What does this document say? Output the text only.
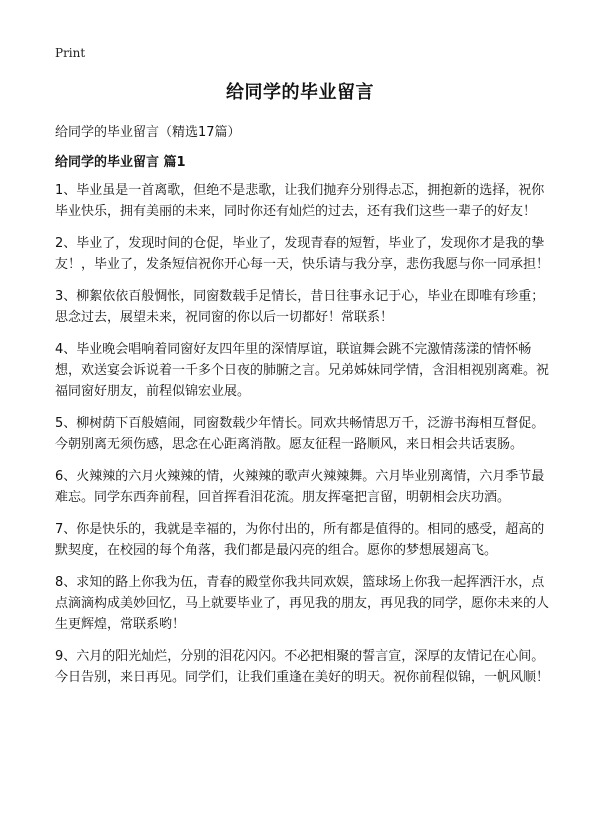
Print
给同学的毕业留言

给同学的毕业留言（精选17篇）

给同学的毕业留言 篇1

1、毕业虽是一首离歌，但绝不是悲歌，让我们抛弃分别得忐忑，拥抱新的选择，祝你毕业快乐，拥有美丽的未来，同时你还有灿烂的过去，还有我们这些一辈子的好友！

2、毕业了，发现时间的仓促，毕业了，发现青春的短暂，毕业了，发现你才是我的挚友！，毕业了，发条短信祝你开心每一天，快乐请与我分享，悲伤我愿与你一同承担！

3、柳絮依依百般惆怅，同窗数载手足情长，昔日往事永记于心，毕业在即唯有珍重；思念过去，展望未来，祝同窗的你以后一切都好！常联系！

4、毕业晚会唱响着同窗好友四年里的深情厚谊，联谊舞会跳不完激情荡漾的情怀畅想，欢送宴会诉说着一千多个日夜的肺腑之言。兄弟姊妹同学情，含泪相视别离难。祝福同窗好朋友，前程似锦宏业展。

5、柳树荫下百般嬉闹，同窗数载少年情长。同欢共畅情思万千，泛游书海相互督促。今朝别离无须伤感，思念在心距离消散。愿友征程一路顺风，来日相会共话衷肠。

6、火辣辣的六月火辣辣的情，火辣辣的歌声火辣辣舞。六月毕业别离情，六月季节最难忘。同学东西奔前程，回首挥看泪花流。朋友挥毫把言留，明朝相会庆功酒。

7、你是快乐的，我就是幸福的，为你付出的，所有都是值得的。相同的感受，超高的默契度，在校园的每个角落，我们都是最闪亮的组合。愿你的梦想展翅高飞。

8、求知的路上你我为伍，青春的殿堂你我共同欢娱，篮球场上你我一起挥洒汗水，点点滴滴构成美妙回忆，马上就要毕业了，再见我的朋友，再见我的同学，愿你未来的人生更辉煌，常联系哟！

9、六月的阳光灿烂，分别的泪花闪闪。不必把相聚的誓言宣，深厚的友情记在心间。今日告别，来日再见。同学们，让我们重逢在美好的明天。祝你前程似锦，一帆风顺！
